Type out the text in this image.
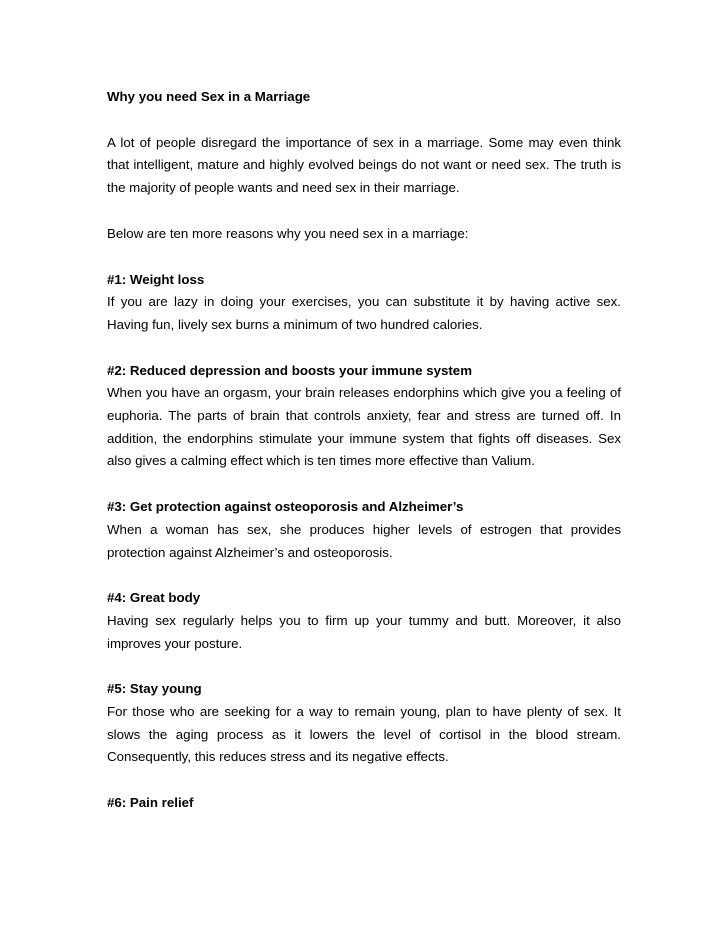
Why you need Sex in a Marriage
A lot of people disregard the importance of sex in a marriage. Some may even think that intelligent, mature and highly evolved beings do not want or need sex. The truth is the majority of people wants and need sex in their marriage.
Below are ten more reasons why you need sex in a marriage:
#1: Weight loss
If you are lazy in doing your exercises, you can substitute it by having active sex. Having fun, lively sex burns a minimum of two hundred calories.
#2: Reduced depression and boosts your immune system
When you have an orgasm, your brain releases endorphins which give you a feeling of euphoria. The parts of brain that controls anxiety, fear and stress are turned off. In addition, the endorphins stimulate your immune system that fights off diseases. Sex also gives a calming effect which is ten times more effective than Valium.
#3: Get protection against osteoporosis and Alzheimer’s
When a woman has sex, she produces higher levels of estrogen that provides protection against Alzheimer’s and osteoporosis.
#4: Great body
Having sex regularly helps you to firm up your tummy and butt. Moreover, it also improves your posture.
#5: Stay young
For those who are seeking for a way to remain young, plan to have plenty of sex. It slows the aging process as it lowers the level of cortisol in the blood stream. Consequently, this reduces stress and its negative effects.
#6: Pain relief
